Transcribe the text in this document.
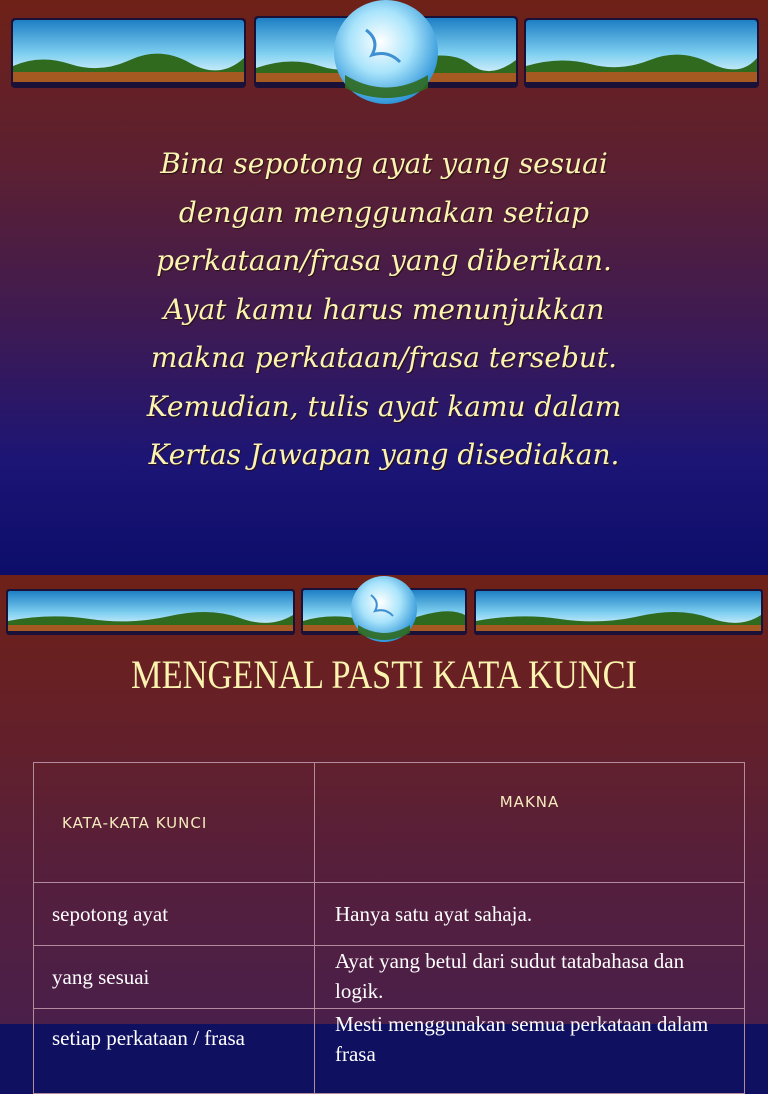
Bina sepotong ayat yang sesuai
dengan menggunakan setiap
perkataan/frasa yang diberikan.
Ayat kamu harus menunjukkan
makna perkataan/frasa tersebut.
Kemudian, tulis ayat kamu dalam
Kertas Jawapan yang disediakan.
MENGENAL PASTI KATA KUNCI
KATA-KATA KUNCI	MAKNA
sepotong ayat	Hanya satu ayat sahaja.
yang sesuai	Ayat yang betul dari sudut tatabahasa dan logik.
setiap perkataan / frasa	Mesti menggunakan semua perkataan dalam frasa
